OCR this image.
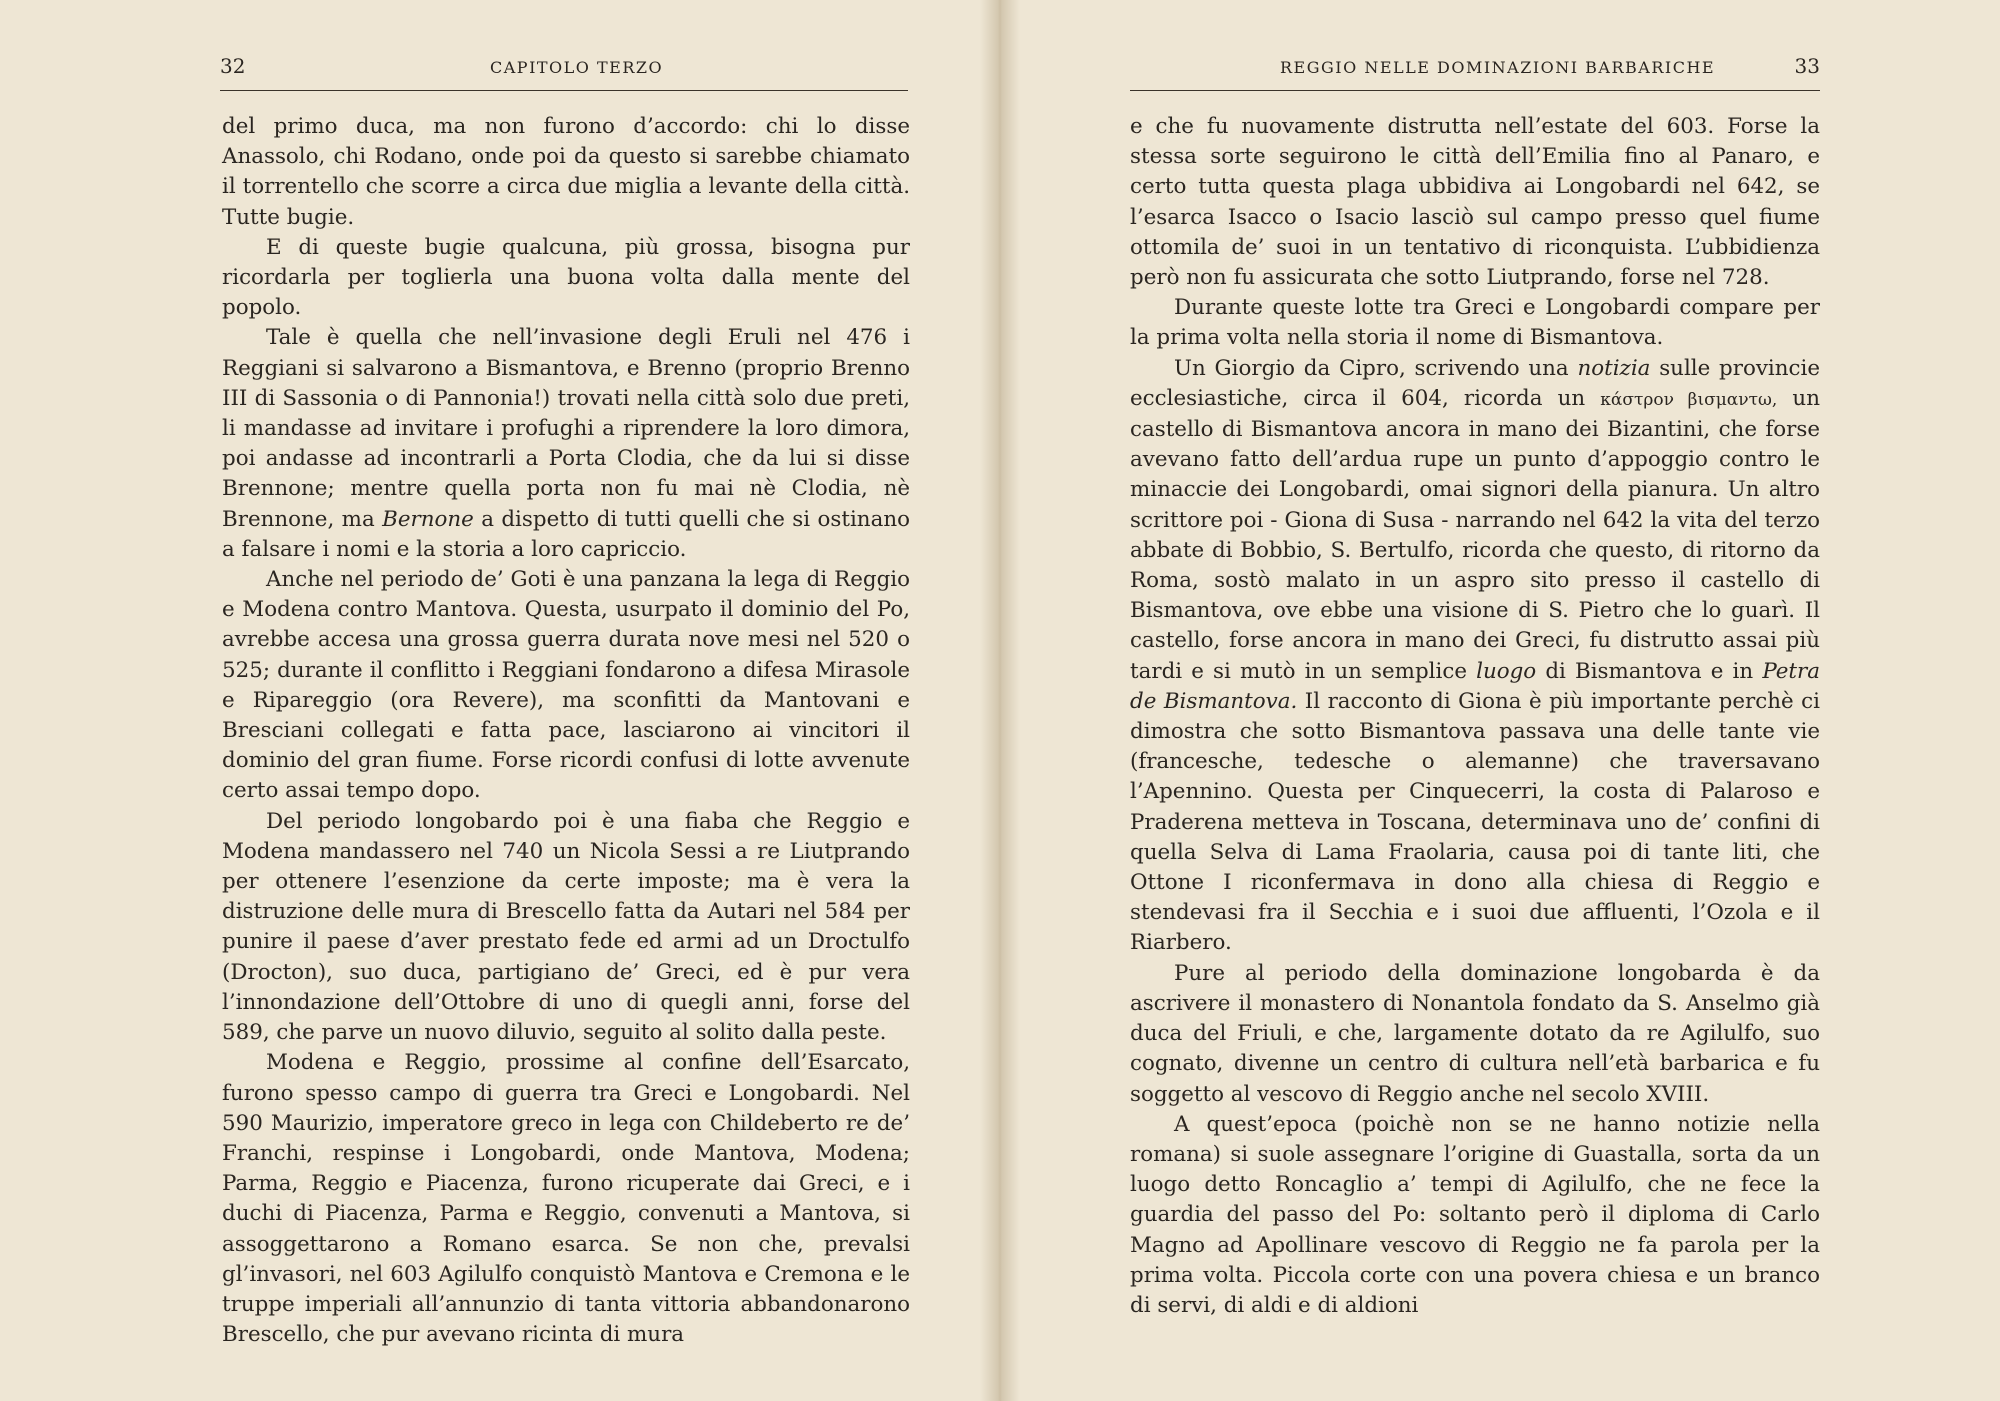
32	CAPITOLO TERZO

del primo duca, ma non furono d’accordo: chi lo disse Anassolo, chi Rodano, onde poi da questo si sarebbe chiamato il torrentello che scorre a circa due miglia a levante della città. Tutte bugie.

E di queste bugie qualcuna, più grossa, bisogna pur ricordarla per toglierla una buona volta dalla mente del popolo.

Tale è quella che nell’invasione degli Eruli nel 476 i Reggiani si salvarono a Bismantova, e Brenno (proprio Brenno III di Sassonia o di Pannonia!) trovati nella città solo due preti, li mandasse ad invitare i profughi a riprendere la loro dimora, poi andasse ad incontrarli a Porta Clodia, che da lui si disse Brennone; mentre quella porta non fu mai nè Clodia, nè Brennone, ma Bernone a dispetto di tutti quelli che si ostinano a falsare i nomi e la storia a loro capriccio.

Anche nel periodo de’ Goti è una panzana la lega di Reggio e Modena contro Mantova. Questa, usurpato il dominio del Po, avrebbe accesa una grossa guerra durata nove mesi nel 520 o 525; durante il conflitto i Reggiani fondarono a difesa Mirasole e Ripareggio (ora Revere), ma sconfitti da Mantovani e Bresciani collegati e fatta pace, lasciarono ai vincitori il dominio del gran fiume. Forse ricordi confusi di lotte avvenute certo assai tempo dopo.

Del periodo longobardo poi è una fiaba che Reggio e Modena mandassero nel 740 un Nicola Sessi a re Liutprando per ottenere l’esenzione da certe imposte; ma è vera la distruzione delle mura di Brescello fatta da Autari nel 584 per punire il paese d’aver prestato fede ed armi ad un Droctulfo (Drocton), suo duca, partigiano de’ Greci, ed è pur vera l’innondazione dell’Ottobre di uno di quegli anni, forse del 589, che parve un nuovo diluvio, seguito al solito dalla peste.

Modena e Reggio, prossime al confine dell’Esarcato, furono spesso campo di guerra tra Greci e Longobardi. Nel 590 Maurizio, imperatore greco in lega con Childeberto re de’ Franchi, respinse i Longobardi, onde Mantova, Modena; Parma, Reggio e Piacenza, furono ricuperate dai Greci, e i duchi di Piacenza, Parma e Reggio, convenuti a Mantova, si assoggettarono a Romano esarca. Se non che, prevalsi gl’invasori, nel 603 Agilulfo conquistò Mantova e Cremona e le truppe imperiali all’annunzio di tanta vittoria abbandonarono Brescello, che pur avevano ricinta di mura

REGGIO NELLE DOMINAZIONI BARBARICHE	33

e che fu nuovamente distrutta nell’estate del 603. Forse la stessa sorte seguirono le città dell’Emilia fino al Panaro, e certo tutta questa plaga ubbidiva ai Longobardi nel 642, se l’esarca Isacco o Isacio lasciò sul campo presso quel fiume ottomila de’ suoi in un tentativo di riconquista. L’ubbidienza però non fu assicurata che sotto Liutprando, forse nel 728.

Durante queste lotte tra Greci e Longobardi compare per la prima volta nella storia il nome di Bismantova.

Un Giorgio da Cipro, scrivendo una notizia sulle provincie ecclesiastiche, circa il 604, ricorda un κάστρον βισμαντω, un castello di Bismantova ancora in mano dei Bizantini, che forse avevano fatto dell’ardua rupe un punto d’appoggio contro le minaccie dei Longobardi, omai signori della pianura. Un altro scrittore poi - Giona di Susa - narrando nel 642 la vita del terzo abbate di Bobbio, S. Bertulfo, ricorda che questo, di ritorno da Roma, sostò malato in un aspro sito presso il castello di Bismantova, ove ebbe una visione di S. Pietro che lo guarì. Il castello, forse ancora in mano dei Greci, fu distrutto assai più tardi e si mutò in un semplice luogo di Bismantova e in Petra de Bismantova. Il racconto di Giona è più importante perchè ci dimostra che sotto Bismantova passava una delle tante vie (francesche, tedesche o alemanne) che traversavano l’Apennino. Questa per Cinquecerri, la costa di Palaroso e Praderena metteva in Toscana, determinava uno de’ confini di quella Selva di Lama Fraolaria, causa poi di tante liti, che Ottone I riconfermava in dono alla chiesa di Reggio e stendevasi fra il Secchia e i suoi due affluenti, l’Ozola e il Riarbero.

Pure al periodo della dominazione longobarda è da ascrivere il monastero di Nonantola fondato da S. Anselmo già duca del Friuli, e che, largamente dotato da re Agilulfo, suo cognato, divenne un centro di cultura nell’età barbarica e fu soggetto al vescovo di Reggio anche nel secolo XVIII.

A quest’epoca (poichè non se ne hanno notizie nella romana) si suole assegnare l’origine di Guastalla, sorta da un luogo detto Roncaglio a’ tempi di Agilulfo, che ne fece la guardia del passo del Po: soltanto però il diploma di Carlo Magno ad Apollinare vescovo di Reggio ne fa parola per la prima volta. Piccola corte con una povera chiesa e un branco di servi, di aldi e di aldioni
